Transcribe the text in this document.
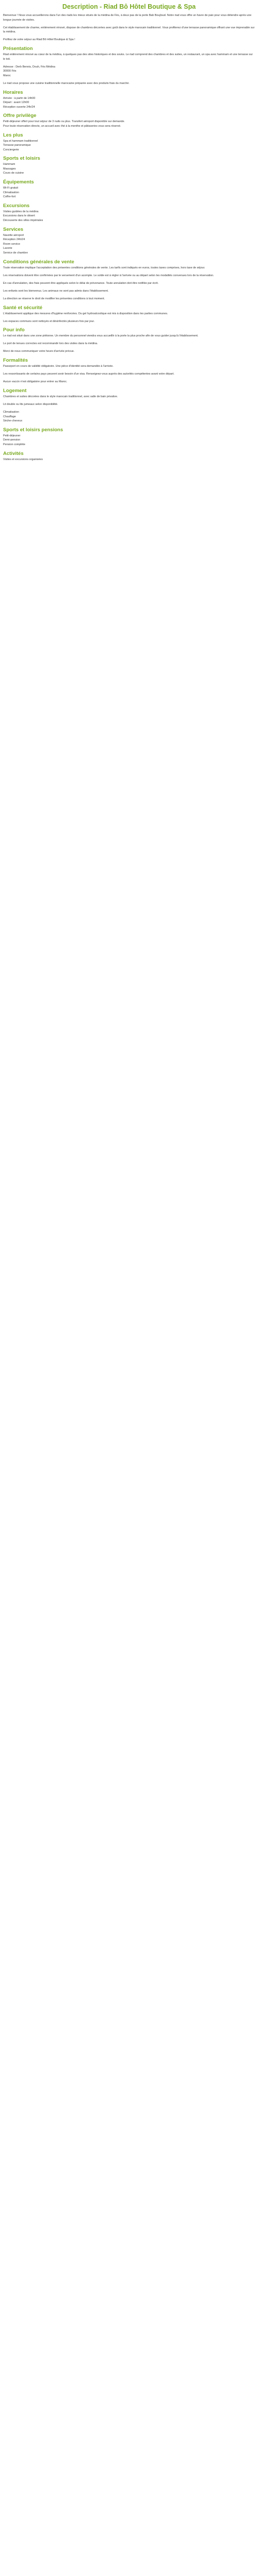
Description - Riad Bô Hôtel Boutique & Spa
Bienvenue ! Nous vous accueillerons dans l'un des riads les mieux situés de la médina de Fès, à deux pas de la porte Bab Boujloud. Notre riad vous offre un havre de paix pour vous détendre après une longue journée de visites.
Cet établissement de charme, entièrement rénové, dispose de chambres décorées avec goût dans le style marocain traditionnel. Vous profiterez d'une terrasse panoramique offrant une vue imprenable sur la médina.
Profitez de votre séjour au Riad Bô Hôtel Boutique & Spa !
Présentation
Riad entièrement rénové au cœur de la médina, à quelques pas des sites historiques et des souks. Le riad comprend des chambres et des suites, un restaurant, un spa avec hammam et une terrasse sur le toit.
Adresse : Derb Bennis, Douh, Fès Médina
30000 Fès
Maroc
Le riad vous propose une cuisine traditionnelle marocaine préparée avec des produits frais du marché.
Horaires
Arrivée : à partir de 14h00
Départ : avant 12h00
Réception ouverte 24h/24
Offre privilège
Petit-déjeuner offert pour tout séjour de 3 nuits ou plus. Transfert aéroport disponible sur demande.
Pour toute réservation directe, un accueil avec thé à la menthe et pâtisseries vous sera réservé.
Les plus
Spa et hammam traditionnel
Terrasse panoramique
Conciergerie
Sports et loisirs
Hammam
Massages
Cours de cuisine
Équipements
Wi-Fi gratuit
Climatisation
Coffre-fort
Excursions
Visites guidées de la médina
Excursions dans le désert
Découverte des villes impériales
Services
Navette aéroport
Réception 24h/24
Room service
Laverie
Service de chambre
Conditions générales de vente
Toute réservation implique l'acceptation des présentes conditions générales de vente. Les tarifs sont indiqués en euros, toutes taxes comprises, hors taxe de séjour.
Les réservations doivent être confirmées par le versement d'un acompte. Le solde est à régler à l'arrivée ou au départ selon les modalités convenues lors de la réservation.
En cas d'annulation, des frais peuvent être appliqués selon le délai de prévenance. Toute annulation doit être notifiée par écrit.
Les enfants sont les bienvenus. Les animaux ne sont pas admis dans l'établissement.
La direction se réserve le droit de modifier les présentes conditions à tout moment.
Santé et sécurité
L'établissement applique des mesures d'hygiène renforcées. Du gel hydroalcoolique est mis à disposition dans les parties communes.
Les espaces communs sont nettoyés et désinfectés plusieurs fois par jour.
Pour info
Le riad est situé dans une zone piétonne. Un membre du personnel viendra vous accueillir à la porte la plus proche afin de vous guider jusqu'à l'établissement.
Le port de tenues correctes est recommandé lors des visites dans la médina.
Merci de nous communiquer votre heure d'arrivée prévue.
Formalités
Passeport en cours de validité obligatoire. Une pièce d'identité sera demandée à l'arrivée.
Les ressortissants de certains pays peuvent avoir besoin d'un visa. Renseignez-vous auprès des autorités compétentes avant votre départ.
Aucun vaccin n'est obligatoire pour entrer au Maroc.
Logement
Chambres et suites décorées dans le style marocain traditionnel, avec salle de bain privative.
Lit double ou lits jumeaux selon disponibilité.
Climatisation
Chauffage
Sèche-cheveux
Sports et loisirs pensions
Petit-déjeuner
Demi-pension
Pension complète
Activités
Visites et excursions organisées
